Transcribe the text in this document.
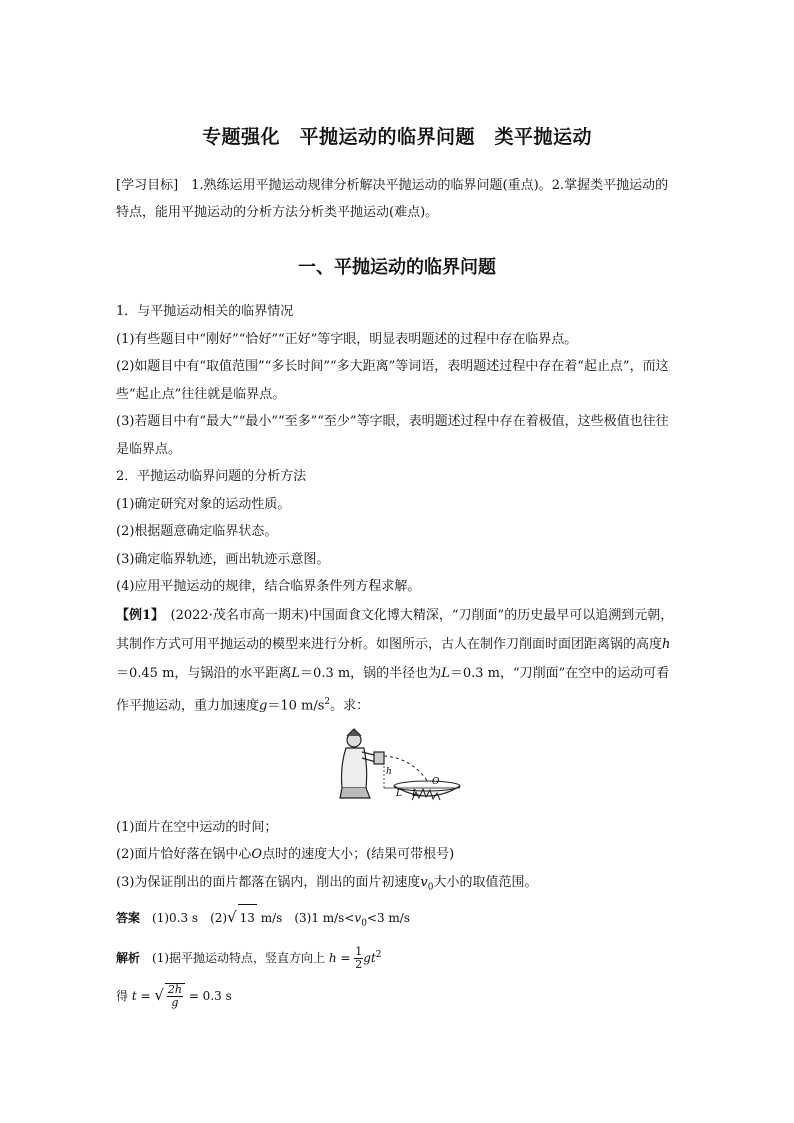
专题强化　平抛运动的临界问题　类平抛运动
[学习目标]　1.熟练运用平抛运动规律分析解决平抛运动的临界问题(重点)。2.掌握类平抛运动的特点，能用平抛运动的分析方法分析类平抛运动(难点)。
一、平抛运动的临界问题

1．与平抛运动相关的临界情况

(1)有些题目中“刚好”“恰好”“正好”等字眼，明显表明题述的过程中存在临界点。

(2)如题目中有“取值范围”“多长时间”“多大距离”等词语，表明题述过程中存在着“起止点”，而这些“起止点”往往就是临界点。

(3)若题目中有“最大”“最小”“至多”“至少”等字眼，表明题述过程中存在着极值，这些极值也往往是临界点。

2．平抛运动临界问题的分析方法

(1)确定研究对象的运动性质。

(2)根据题意确定临界状态。

(3)确定临界轨迹，画出轨迹示意图。

(4)应用平抛运动的规律，结合临界条件列方程求解。

【例1】　(2022·茂名市高一期末)中国面食文化博大精深，“刀削面”的历史最早可以追溯到元朝，其制作方式可用平抛运动的模型来进行分析。如图所示，古人在制作刀削面时面团距离锅的高度h＝0.45 m，与锅沿的水平距离L＝0.3 m，锅的半径也为L＝0.3 m，“刀削面”在空中的运动可看作平抛运动，重力加速度g＝10 $m/s^2$。求：

h
L L
O

(1)面片在空中运动的时间；

(2)面片恰好落在锅中心O点时的速度大小；(结果可带根号)

(3)为保证削出的面片都落在锅内，削出的面片初速度$v_0$大小的取值范围。

答案　(1)0.3 s　(2)√ 13 m/s　(3)1 $m/s<v_0<3$ m/s

解析　(1)据平抛运动特点，竖直方向上 $h = \frac{1}{2} gt^2$

得 t = √ $\frac{2h}{g} = 0.3$ s
